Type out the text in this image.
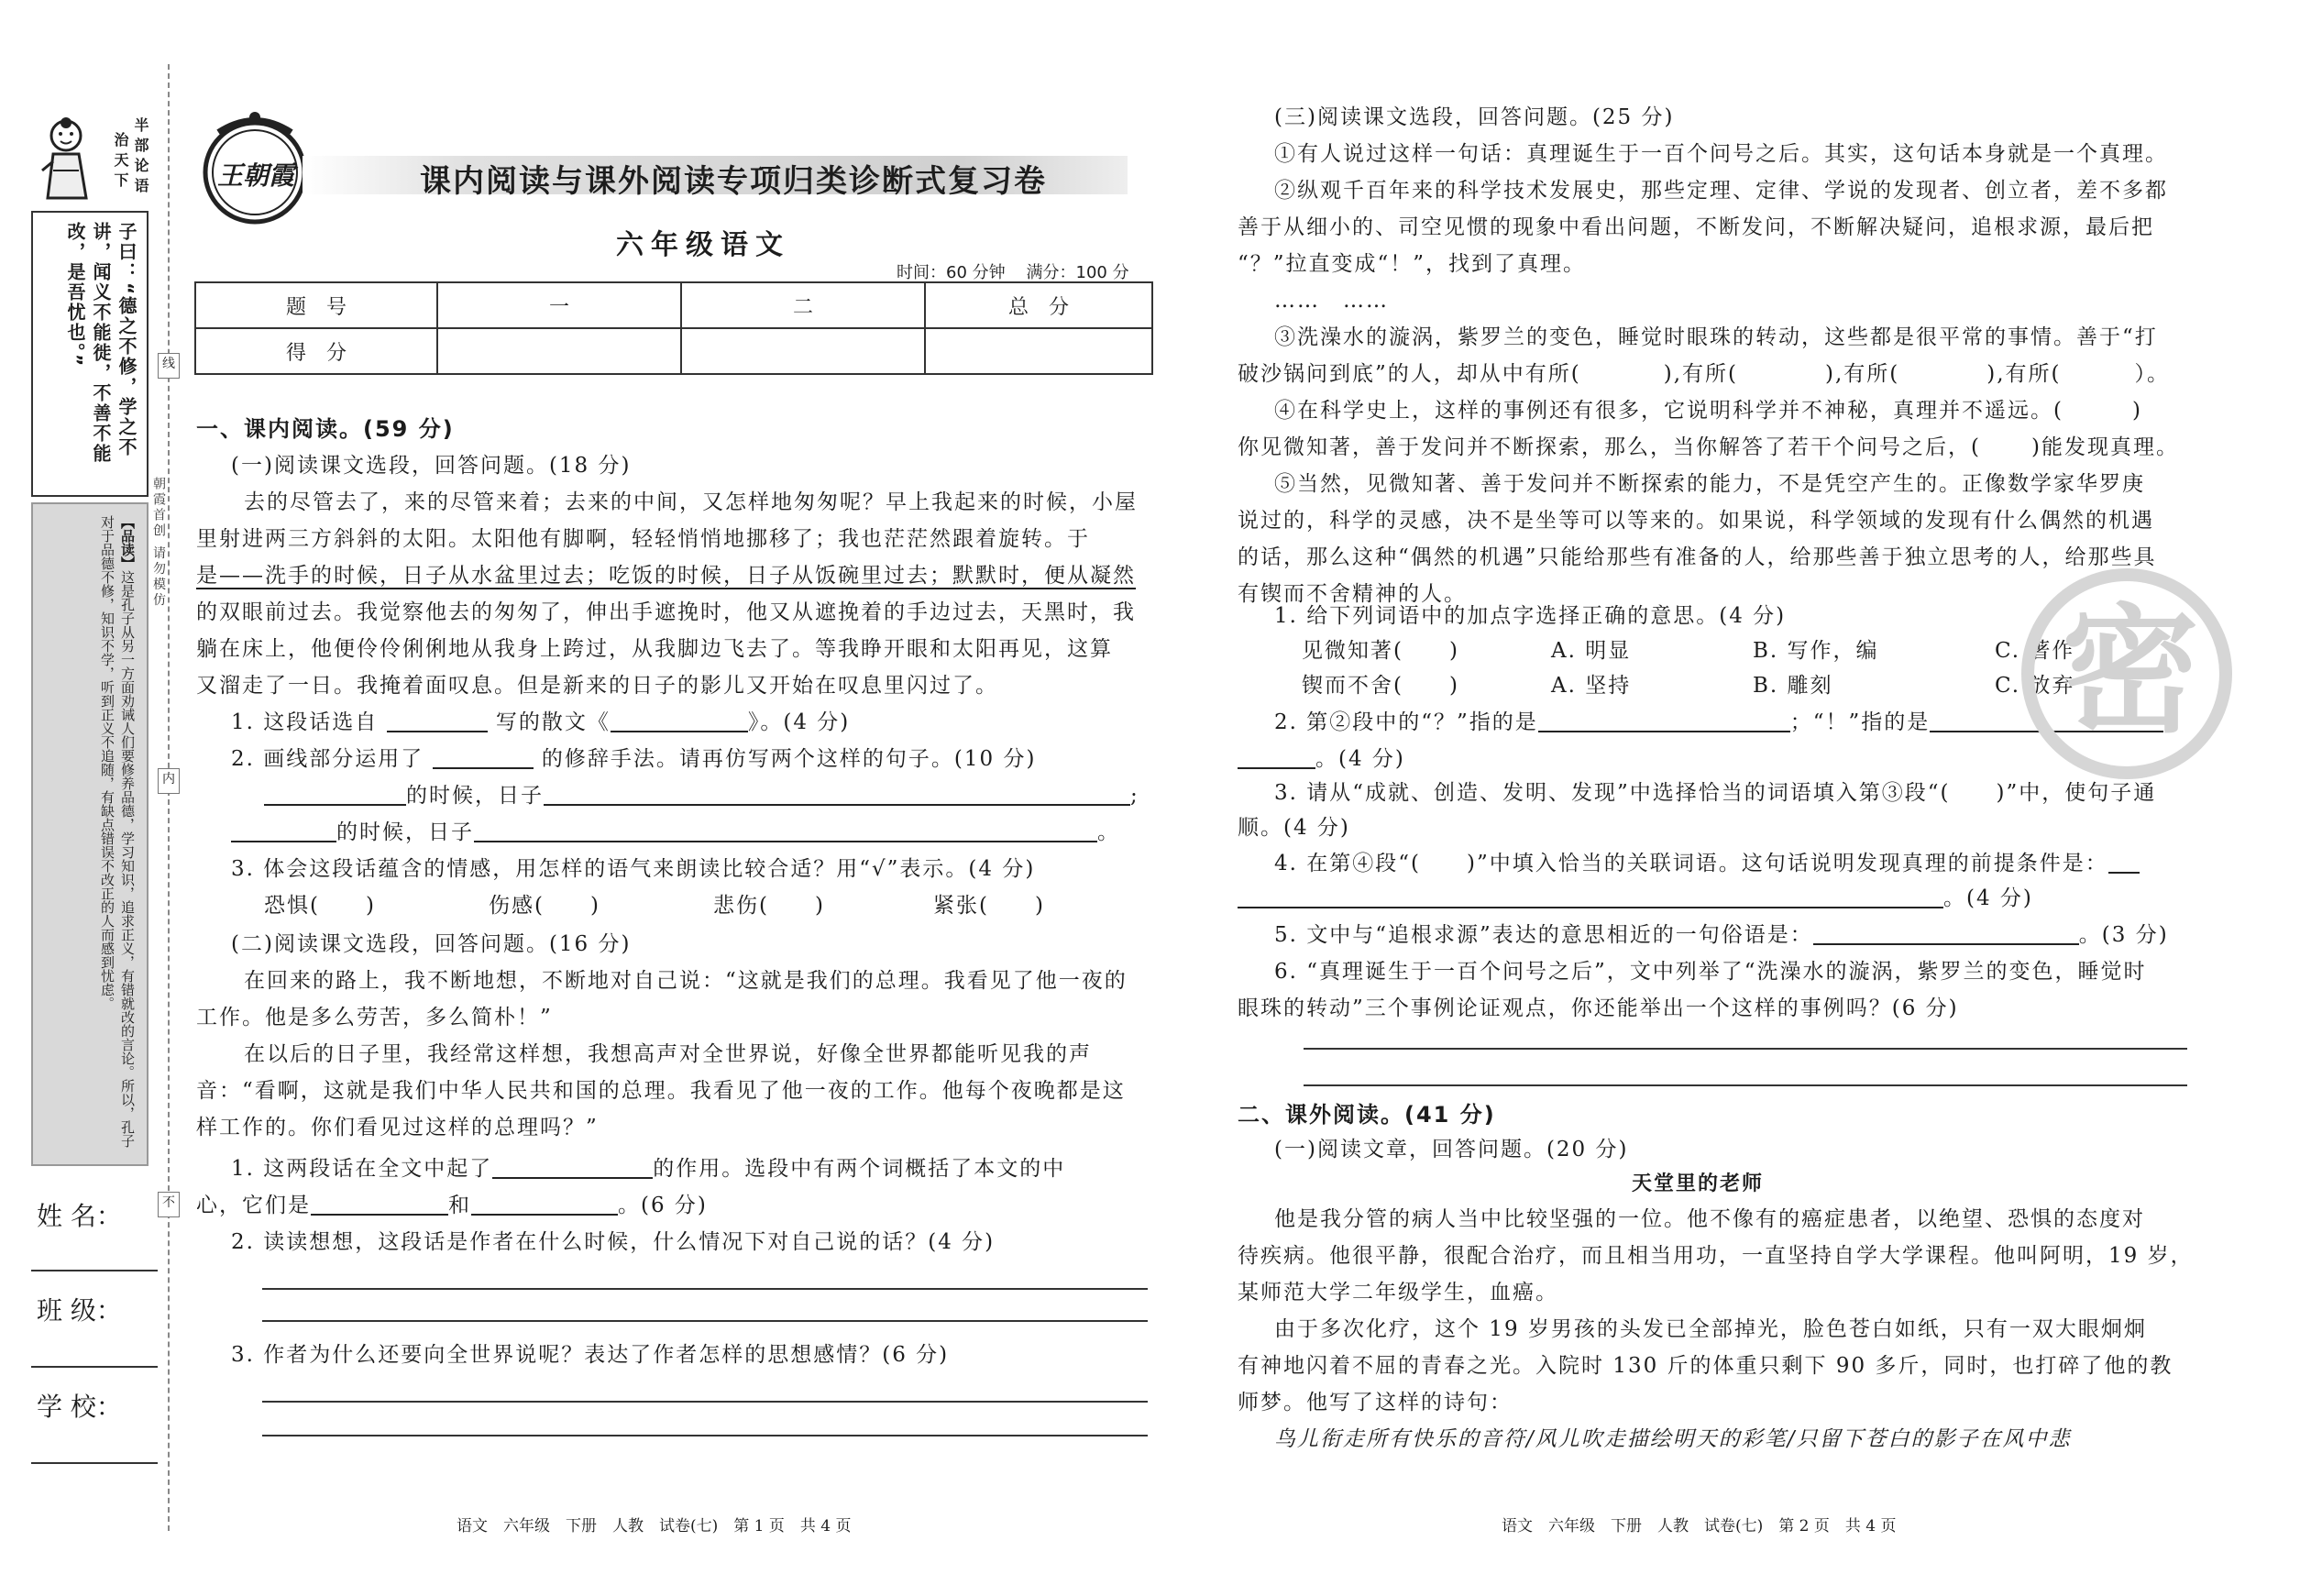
半部论语
治天下
子曰：“德之不修，学之不讲，闻义不能徙，不善不能改，是吾忧也。”
【品读】这是孔子从另一方面劝诫人们要修养品德，学习知识，追求正义，有错就改的言论。所以，孔子对于品德不修，知识不学，听到正义不追随，有缺点错误不改正的人而感到忧虑。
姓 名：
班 级：
学 校：
线
内
不
朝霞首创 请勿模仿
王朝霞	课内阅读与课外阅读专项归类诊断式复习卷
六年级语文
时间：60 分钟    满分：100 分
题　号	一	二	总　分
得　分			
一、课内阅读。(59 分)
(一)阅读课文选段，回答问题。(18 分)
去的尽管去了，来的尽管来着；去来的中间，又怎样地匆匆呢？早上我起来的时候，小屋
里射进两三方斜斜的太阳。太阳他有脚啊，轻轻悄悄地挪移了；我也茫茫然跟着旋转。于
是——洗手的时候，日子从水盆里过去；吃饭的时候，日子从饭碗里过去；默默时，便从凝然
的双眼前过去。我觉察他去的匆匆了，伸出手遮挽时，他又从遮挽着的手边过去，天黑时，我
躺在床上，他便伶伶俐俐地从我身上跨过，从我脚边飞去了。等我睁开眼和太阳再见，这算
又溜走了一日。我掩着面叹息。但是新来的日子的影儿又开始在叹息里闪过了。
1. 这段话选自	写的散文《	》。(4 分)
2. 画线部分运用了	的修辞手法。请再仿写两个这样的句子。(10 分)
的时候，日子	;
的时候，日子	。
3. 体会这段话蕴含的情感，用怎样的语气来朗读比较合适？用“√”表示。(4 分)
恐惧(　　)	伤感(　　)	悲伤(　　)	紧张(　　)
(二)阅读课文选段，回答问题。(16 分)
在回来的路上，我不断地想，不断地对自己说：“这就是我们的总理。我看见了他一夜的
工作。他是多么劳苦，多么简朴！”
在以后的日子里，我经常这样想，我想高声对全世界说，好像全世界都能听见我的声
音：“看啊，这就是我们中华人民共和国的总理。我看见了他一夜的工作。他每个夜晚都是这
样工作的。你们看见过这样的总理吗？”
1. 这两段话在全文中起了	的作用。选段中有两个词概括了本文的中
心，它们是	和	。(6 分)
2. 读读想想，这段话是作者在什么时候，什么情况下对自己说的话？(4 分)
3. 作者为什么还要向全世界说呢？表达了作者怎样的思想感情？(6 分)
语文　六年级　下册　人教　试卷(七)　第 1 页　共 4 页
(三)阅读课文选段，回答问题。(25 分)
①有人说过这样一句话：真理诞生于一百个问号之后。其实，这句话本身就是一个真理。
②纵观千百年来的科学技术发展史，那些定理、定律、学说的发现者、创立者，差不多都
善于从细小的、司空见惯的现象中看出问题，不断发问，不断解决疑问，追根求源，最后把
“？”拉直变成“！”，找到了真理。
……　……
③洗澡水的漩涡，紫罗兰的变色，睡觉时眼珠的转动，这些都是很平常的事情。善于“打
破沙锅问到底”的人，却从中有所(	),有所(	),有所(	),有所(	）。
④在科学史上，这样的事例还有很多，它说明科学并不神秘，真理并不遥远。(	)
你见微知著，善于发问并不断探索，那么，当你解答了若干个问号之后，( )能发现真理。
⑤当然，见微知著、善于发问并不断探索的能力，不是凭空产生的。正像数学家华罗庚
说过的，科学的灵感，决不是坐等可以等来的。如果说，科学领域的发现有什么偶然的机遇
的话，那么这种“偶然的机遇”只能给那些有准备的人，给那些善于独立思考的人，给那些具
有锲而不舍精神的人。
1. 给下列词语中的加点字选择正确的意思。(4 分)
见微知著(　　)	A. 明显	B. 写作，编	C. 著作
锲而不舍(　　)	A. 坚持	B. 雕刻	C. 放弃
2. 第②段中的“？”指的是	；“！”指的是
。(4 分)
3. 请从“成就、创造、发明、发现”中选择恰当的词语填入第③段“(　　)”中，使句子通
顺。(4 分)
4. 在第④段“(　　)”中填入恰当的关联词语。这句话说明发现真理的前提条件是：
。(4 分)
5. 文中与“追根求源”表达的意思相近的一句俗语是：	。(3 分)
6. “真理诞生于一百个问号之后”，文中列举了“洗澡水的漩涡，紫罗兰的变色，睡觉时
眼珠的转动”三个事例论证观点，你还能举出一个这样的事例吗？(6 分)
二、课外阅读。(41 分)
(一)阅读文章，回答问题。(20 分)
天堂里的老师
他是我分管的病人当中比较坚强的一位。他不像有的癌症患者，以绝望、恐惧的态度对
待疾病。他很平静，很配合治疗，而且相当用功，一直坚持自学大学课程。他叫阿明，19 岁，
某师范大学二年级学生，血癌。
由于多次化疗，这个 19 岁男孩的头发已全部掉光，脸色苍白如纸，只有一双大眼炯炯
有神地闪着不屈的青春之光。入院时 130 斤的体重只剩下 90 多斤，同时，也打碎了他的教
师梦。他写了这样的诗句：
鸟儿衔走所有快乐的音符/风儿吹走描绘明天的彩笔/只留下苍白的影子在风中悲
语文　六年级　下册　人教　试卷(七)　第 2 页　共 4 页
密
